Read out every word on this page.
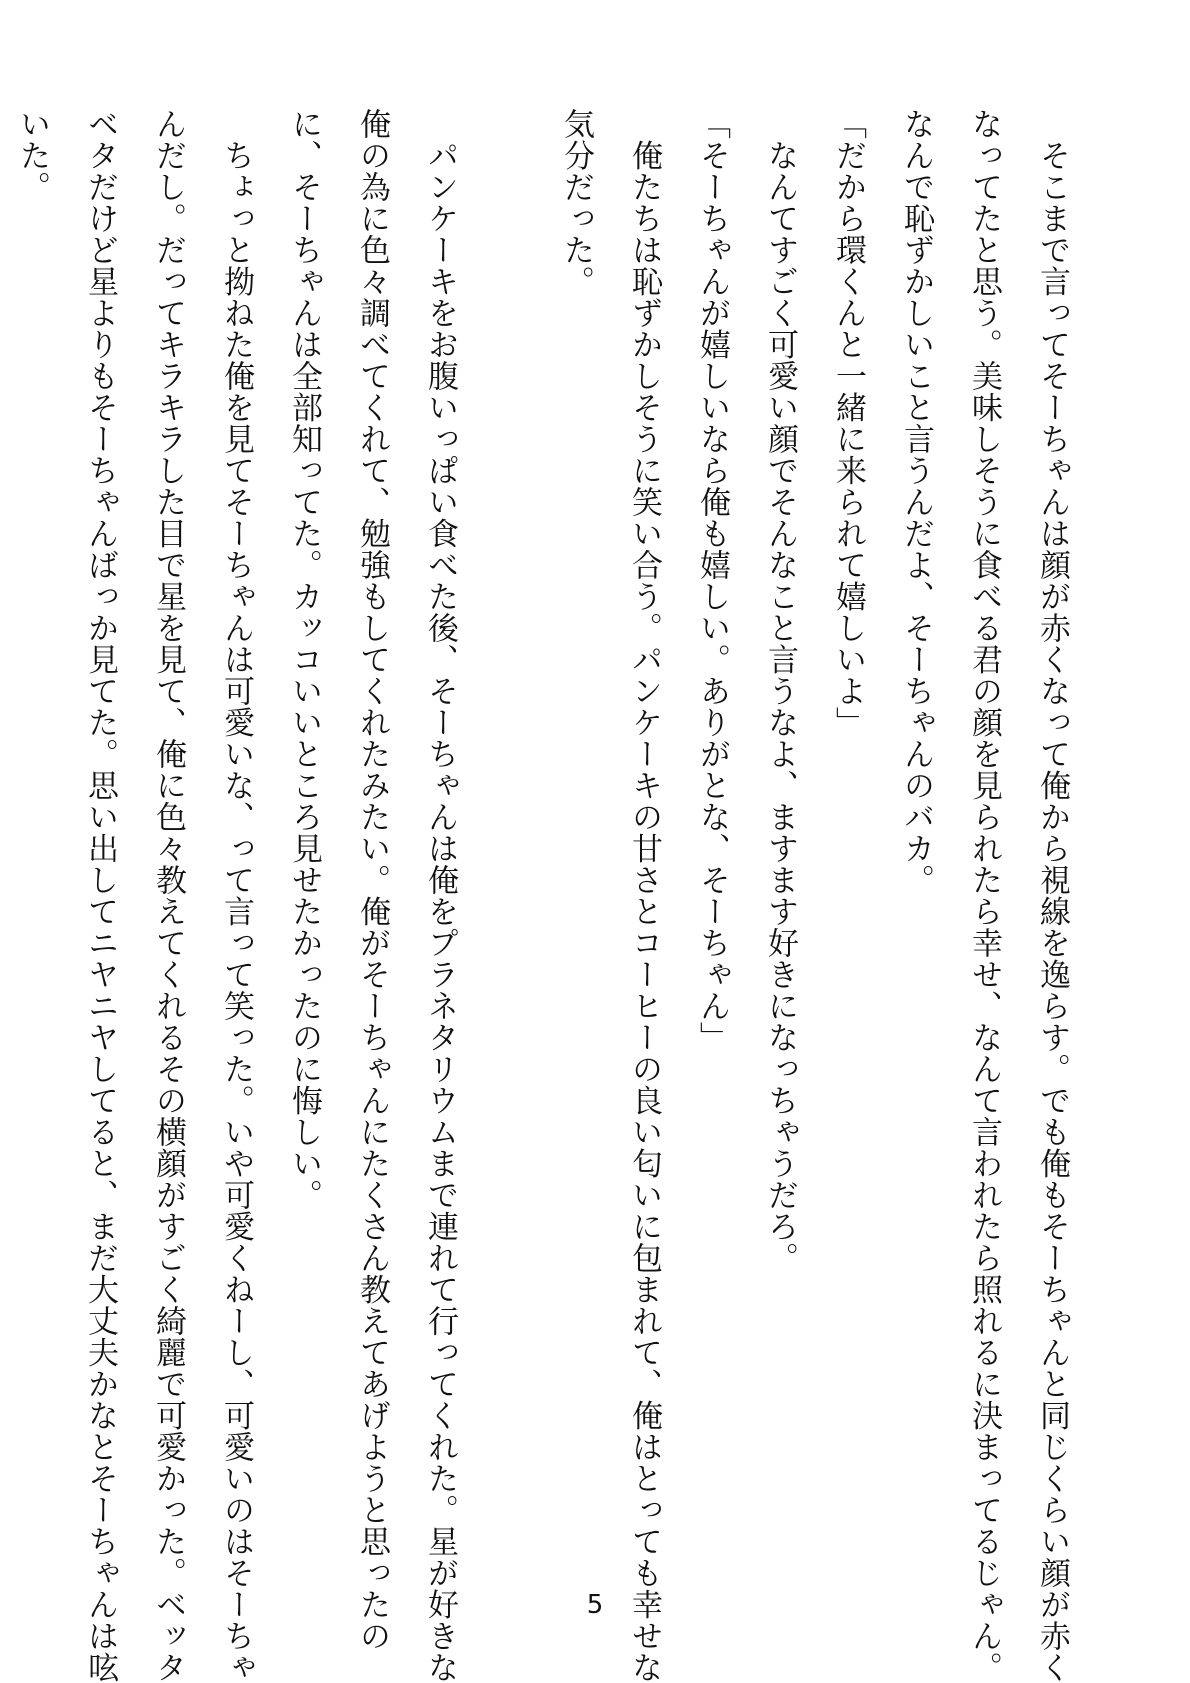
　そこまで言ってそーちゃんは顔が赤くなって俺から視線を逸らす。でも俺もそーちゃんと同じくらい顔が赤く
なってたと思う。美味しそうに食べる君の顔を見られたら幸せ、なんて言われたら照れるに決まってるじゃん。
なんで恥ずかしいこと言うんだよ、そーちゃんのバカ。
「だから環くんと一緒に来られて嬉しいよ」
　なんてすごく可愛い顔でそんなこと言うなよ、ますます好きになっちゃうだろ。
「そーちゃんが嬉しいなら俺も嬉しい。ありがとな、そーちゃん」
　俺たちは恥ずかしそうに笑い合う。パンケーキの甘さとコーヒーの良い匂いに包まれて、俺はとっても幸せな
気分だった。

　パンケーキをお腹いっぱい食べた後、そーちゃんは俺をプラネタリウムまで連れて行ってくれた。星が好きな
俺の為に色々調べてくれて、勉強もしてくれたみたい。俺がそーちゃんにたくさん教えてあげようと思ったの
に、そーちゃんは全部知ってた。カッコいいところ見せたかったのに悔しい。
　ちょっと拗ねた俺を見てそーちゃんは可愛いな、って言って笑った。いや可愛くねーし、可愛いのはそーちゃ
んだし。だってキラキラした目で星を見て、俺に色々教えてくれるその横顔がすごく綺麗で可愛かった。ベッタ
ベタだけど星よりもそーちゃんばっか見てた。思い出してニヤニヤしてると、まだ大丈夫かなとそーちゃんは呟
いた。
5
